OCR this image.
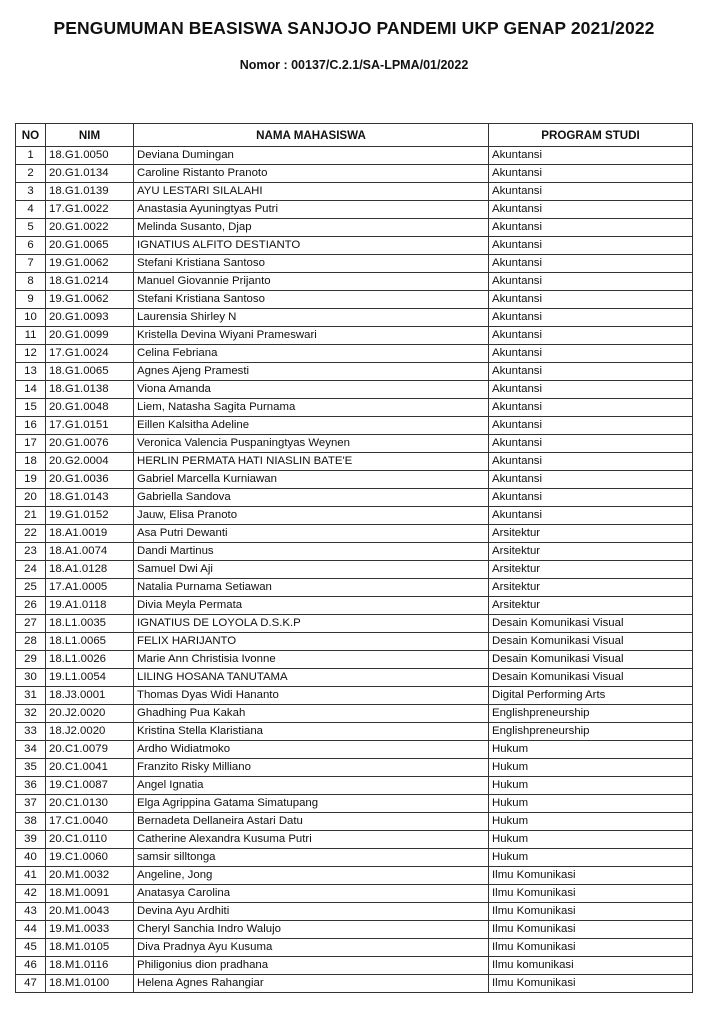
PENGUMUMAN BEASISWA SANJOJO PANDEMI UKP GENAP 2021/2022
Nomor : 00137/C.2.1/SA-LPMA/01/2022
NO	NIM	NAMA MAHASISWA	PROGRAM STUDI
1	18.G1.0050	Deviana Dumingan	Akuntansi
2	20.G1.0134	Caroline Ristanto Pranoto	Akuntansi
3	18.G1.0139	AYU LESTARI SILALAHI	Akuntansi
4	17.G1.0022	Anastasia Ayuningtyas Putri	Akuntansi
5	20.G1.0022	Melinda Susanto, Djap	Akuntansi
6	20.G1.0065	IGNATIUS ALFITO DESTIANTO	Akuntansi
7	19.G1.0062	Stefani Kristiana Santoso	Akuntansi
8	18.G1.0214	Manuel Giovannie Prijanto	Akuntansi
9	19.G1.0062	Stefani Kristiana Santoso	Akuntansi
10	20.G1.0093	Laurensia Shirley N	Akuntansi
11	20.G1.0099	Kristella Devina Wiyani Prameswari	Akuntansi
12	17.G1.0024	Celina Febriana	Akuntansi
13	18.G1.0065	Agnes Ajeng Pramesti	Akuntansi
14	18.G1.0138	Viona Amanda	Akuntansi
15	20.G1.0048	Liem, Natasha Sagita Purnama	Akuntansi
16	17.G1.0151	Eillen Kalsitha Adeline	Akuntansi
17	20.G1.0076	Veronica Valencia Puspaningtyas Weynen	Akuntansi
18	20.G2.0004	HERLIN PERMATA HATI NIASLIN BATE'E	Akuntansi
19	20.G1.0036	Gabriel Marcella Kurniawan	Akuntansi
20	18.G1.0143	Gabriella Sandova	Akuntansi
21	19.G1.0152	Jauw, Elisa Pranoto	Akuntansi
22	18.A1.0019	Asa Putri Dewanti	Arsitektur
23	18.A1.0074	Dandi Martinus	Arsitektur
24	18.A1.0128	Samuel Dwi Aji	Arsitektur
25	17.A1.0005	Natalia Purnama Setiawan	Arsitektur
26	19.A1.0118	Divia Meyla Permata	Arsitektur
27	18.L1.0035	IGNATIUS DE LOYOLA D.S.K.P	Desain Komunikasi Visual
28	18.L1.0065	FELIX HARIJANTO	Desain Komunikasi Visual
29	18.L1.0026	Marie Ann Christisia Ivonne	Desain Komunikasi Visual
30	19.L1.0054	LILING HOSANA TANUTAMA	Desain Komunikasi Visual
31	18.J3.0001	Thomas Dyas Widi Hananto	Digital Performing Arts
32	20.J2.0020	Ghadhing Pua Kakah	Englishpreneurship
33	18.J2.0020	Kristina Stella Klaristiana	Englishpreneurship
34	20.C1.0079	Ardho Widiatmoko	Hukum
35	20.C1.0041	Franzito Risky Milliano	Hukum
36	19.C1.0087	Angel Ignatia	Hukum
37	20.C1.0130	Elga Agrippina Gatama Simatupang	Hukum
38	17.C1.0040	Bernadeta Dellaneira Astari Datu	Hukum
39	20.C1.0110	Catherine Alexandra Kusuma Putri	Hukum
40	19.C1.0060	samsir silltonga	Hukum
41	20.M1.0032	Angeline, Jong	Ilmu Komunikasi
42	18.M1.0091	Anatasya Carolina	Ilmu Komunikasi
43	20.M1.0043	Devina Ayu Ardhiti	Ilmu Komunikasi
44	19.M1.0033	Cheryl Sanchia Indro Walujo	Ilmu Komunikasi
45	18.M1.0105	Diva Pradnya Ayu Kusuma	Ilmu Komunikasi
46	18.M1.0116	Philigonius dion pradhana	Ilmu komunikasi
47	18.M1.0100	Helena Agnes Rahangiar	Ilmu Komunikasi
